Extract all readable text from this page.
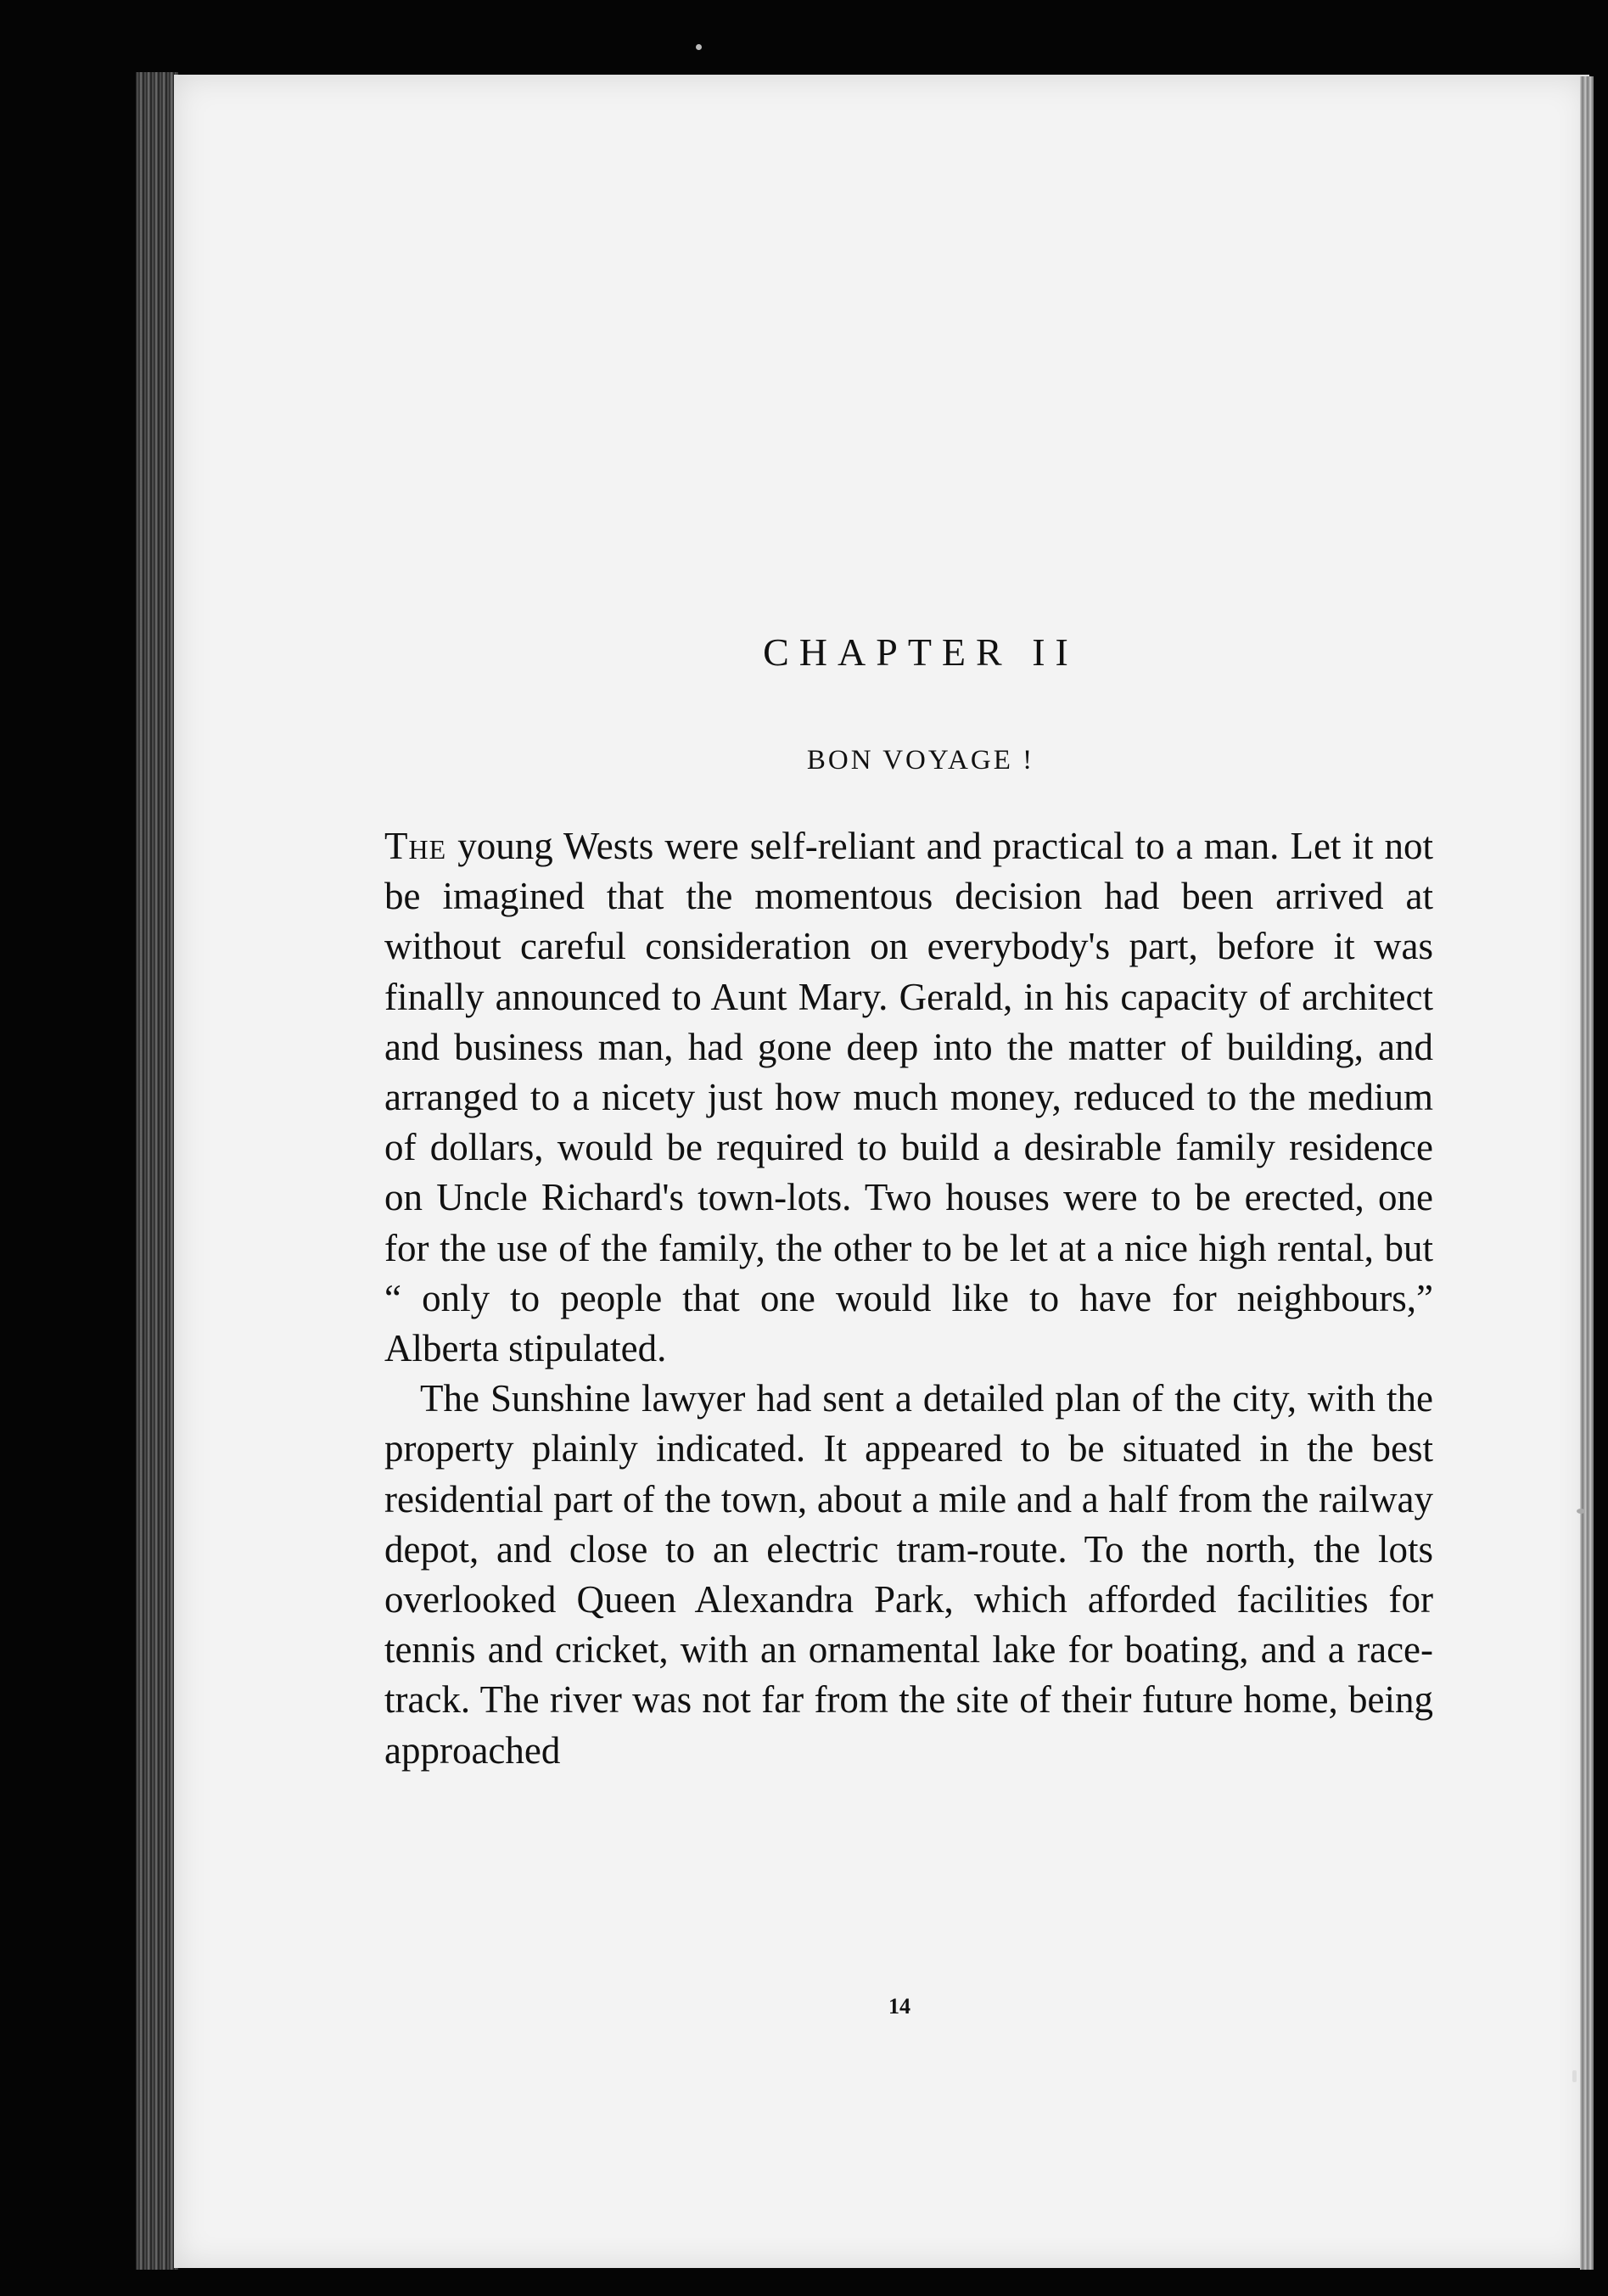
CHAPTER II
BON VOYAGE !

The young Wests were self-reliant and practical to a man. Let it not be imagined that the momentous decision had been arrived at without careful consideration on everybody's part, before it was finally announced to Aunt Mary. Gerald, in his capacity of architect and business man, had gone deep into the matter of building, and arranged to a nicety just how much money, reduced to the medium of dollars, would be required to build a desirable family residence on Uncle Richard's town-lots. Two houses were to be erected, one for the use of the family, the other to be let at a nice high rental, but “ only to people that one would like to have for neighbours,” Alberta stipulated.

The Sunshine lawyer had sent a detailed plan of the city, with the property plainly indicated. It appeared to be situated in the best residential part of the town, about a mile and a half from the railway depot, and close to an electric tram-route. To the north, the lots overlooked Queen Alexandra Park, which afforded facilities for tennis and cricket, with an ornamental lake for boating, and a race-track. The river was not far from the site of their future home, being approached

14
